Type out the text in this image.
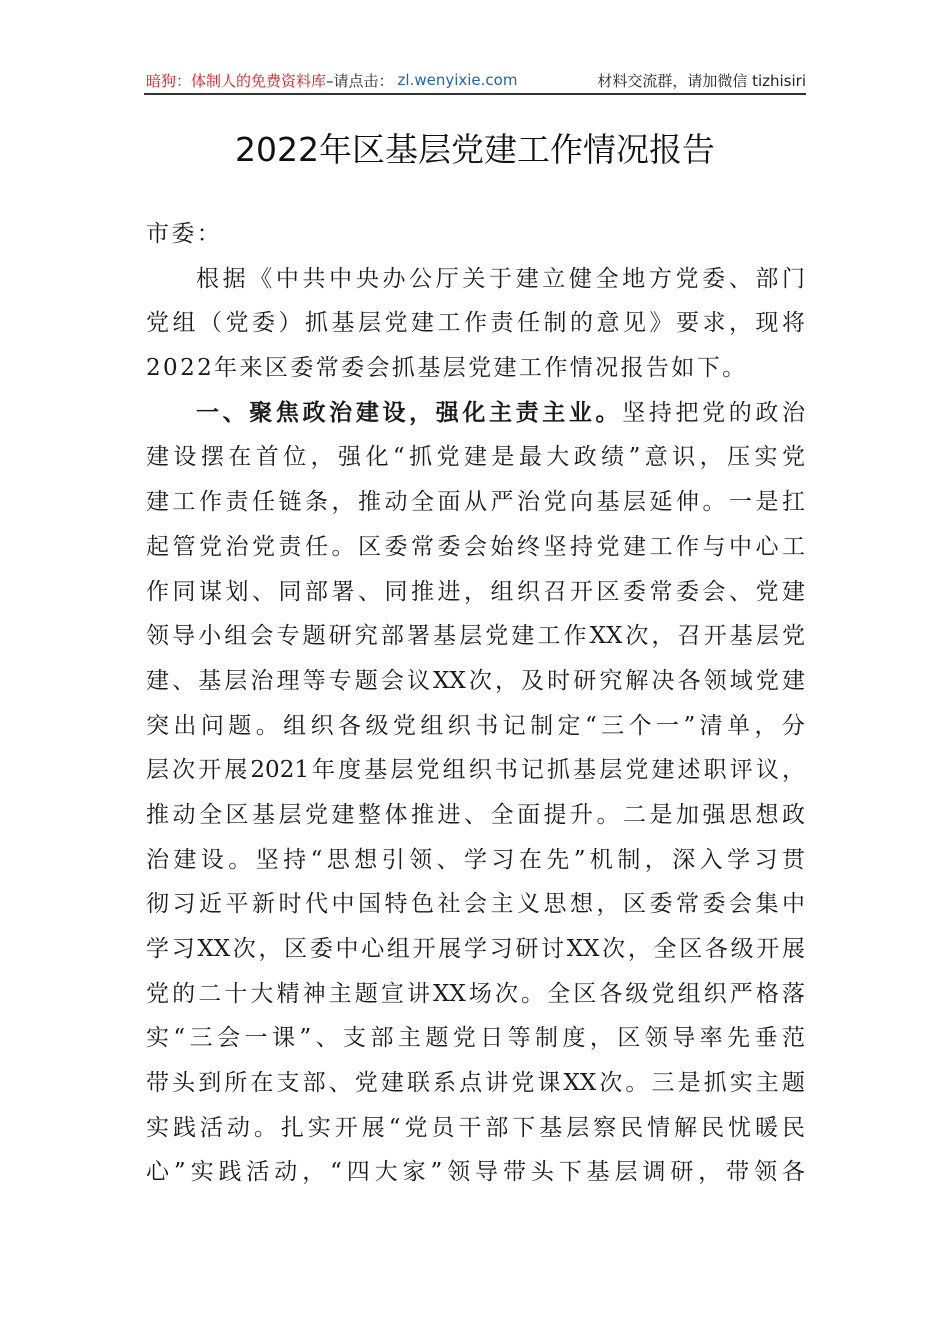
暗狗：体制人的免费资料库 –请点击： zl.wenyixie.com	材料交流群，请加微信 tizhisiri
2022年区基层党建工作情况报告
市委：
根据《中共中央办公厅关于建立健全地方党委、部门
党组（党委）抓基层党建工作责任制的意见》要求，现将
2022年来区委常委会抓基层党建工作情况报告如下。
一、聚焦政治建设，强化主责主业。坚持把党的政治
建设摆在首位，强化“抓党建是最大政绩”意识，压实党
建工作责任链条，推动全面从严治党向基层延伸。一是扛
起管党治党责任。区委常委会始终坚持党建工作与中心工
作同谋划、同部署、同推进，组织召开区委常委会、党建
领导小组会专题研究部署基层党建工作XX次，召开基层党
建、基层治理等专题会议XX次，及时研究解决各领域党建
突出问题。组织各级党组织书记制定“三个一”清单，分
层次开展2021年度基层党组织书记抓基层党建述职评议，
推动全区基层党建整体推进、全面提升。二是加强思想政
治建设。坚持“思想引领、学习在先”机制，深入学习贯
彻习近平新时代中国特色社会主义思想，区委常委会集中
学习XX次，区委中心组开展学习研讨XX次，全区各级开展
党的二十大精神主题宣讲XX场次。全区各级党组织严格落
实“三会一课”、支部主题党日等制度，区领导率先垂范
带头到所在支部、党建联系点讲党课XX次。三是抓实主题
实践活动。扎实开展“党员干部下基层察民情解民忧暖民
心”实践活动，“四大家”领导带头下基层调研，带领各
